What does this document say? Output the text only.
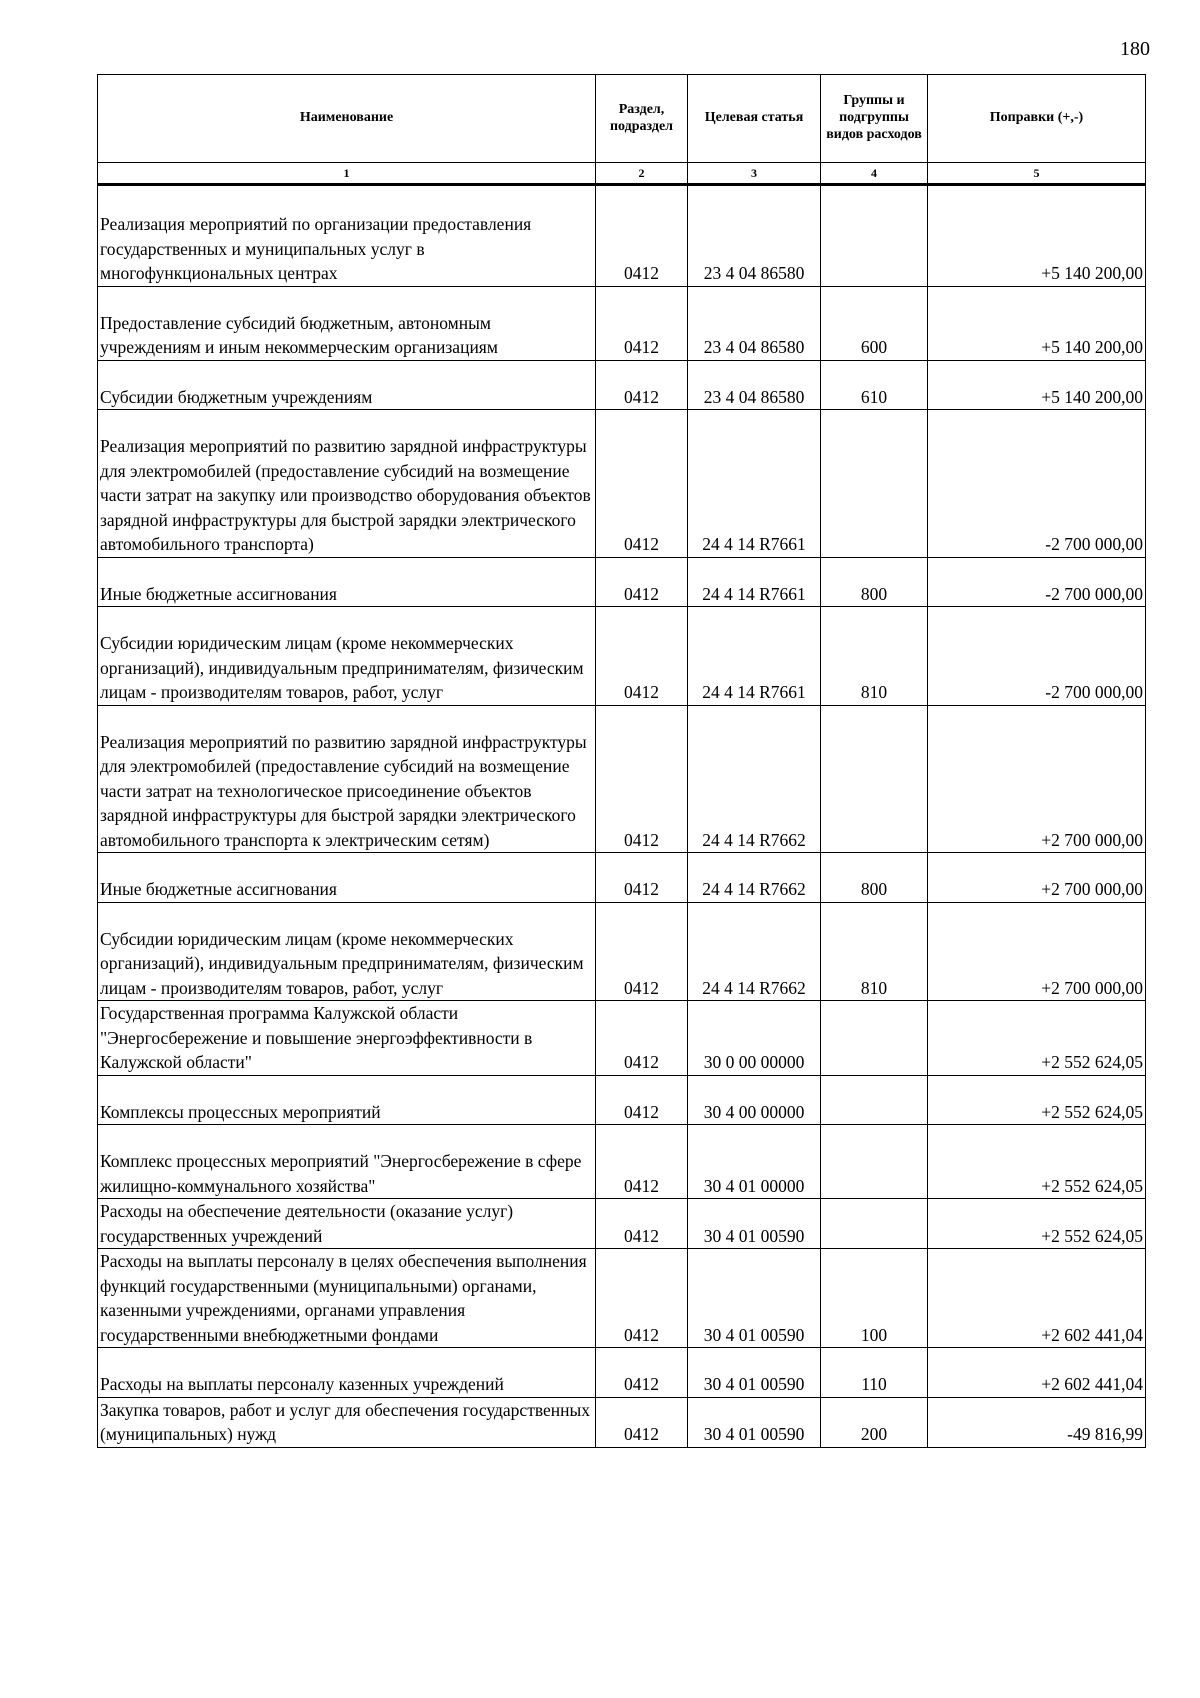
180
Наименование	Раздел, подраздел	Целевая статья	Группы и подгруппы видов расходов	Поправки (+,-)
1	2	3	4	5
Реализация мероприятий по организации предоставления государственных и муниципальных услуг в многофункциональных центрах	0412	23 4 04 86580		+5 140 200,00
Предоставление субсидий бюджетным, автономным учреждениям и иным некоммерческим организациям	0412	23 4 04 86580	600	+5 140 200,00
Субсидии бюджетным учреждениям	0412	23 4 04 86580	610	+5 140 200,00
Реализация мероприятий по развитию зарядной инфраструктуры для электромобилей (предоставление субсидий на возмещение части затрат на закупку или производство оборудования объектов зарядной инфраструктуры для быстрой зарядки электрического автомобильного транспорта)	0412	24 4 14 R7661		-2 700 000,00
Иные бюджетные ассигнования	0412	24 4 14 R7661	800	-2 700 000,00
Субсидии юридическим лицам (кроме некоммерческих организаций), индивидуальным предпринимателям, физическим лицам - производителям товаров, работ, услуг	0412	24 4 14 R7661	810	-2 700 000,00
Реализация мероприятий по развитию зарядной инфраструктуры для электромобилей (предоставление субсидий на возмещение части затрат на технологическое присоединение объектов зарядной инфраструктуры для быстрой зарядки электрического автомобильного транспорта к электрическим сетям)	0412	24 4 14 R7662		+2 700 000,00
Иные бюджетные ассигнования	0412	24 4 14 R7662	800	+2 700 000,00
Субсидии юридическим лицам (кроме некоммерческих организаций), индивидуальным предпринимателям, физическим лицам - производителям товаров, работ, услуг	0412	24 4 14 R7662	810	+2 700 000,00
Государственная программа Калужской области "Энергосбережение и повышение энергоэффективности в Калужской области"	0412	30 0 00 00000		+2 552 624,05
Комплексы процессных мероприятий	0412	30 4 00 00000		+2 552 624,05
Комплекс процессных мероприятий "Энергосбережение в сфере жилищно-коммунального хозяйства"	0412	30 4 01 00000		+2 552 624,05
Расходы на обеспечение деятельности (оказание услуг) государственных учреждений	0412	30 4 01 00590		+2 552 624,05
Расходы на выплаты персоналу в целях обеспечения выполнения функций государственными (муниципальными) органами, казенными учреждениями, органами управления государственными внебюджетными фондами	0412	30 4 01 00590	100	+2 602 441,04
Расходы на выплаты персоналу казенных учреждений	0412	30 4 01 00590	110	+2 602 441,04
Закупка товаров, работ и услуг для обеспечения государственных (муниципальных) нужд	0412	30 4 01 00590	200	-49 816,99
